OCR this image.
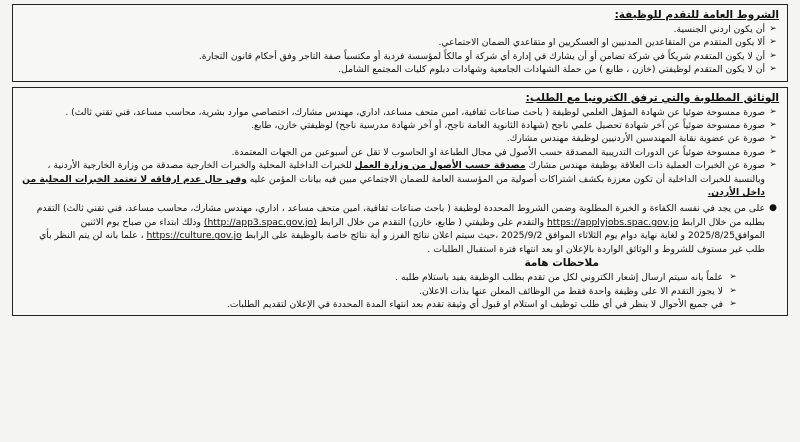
الشروط العامة للتقدم للوظيفة:
➢
أن يكون اردني الجنسية.
➢
ألا يكون المتقدم من المتقاعدين المدنيين او العسكريين او متقاعدي الضمان الاجتماعي.
➢
أن لا يكون المتقدم شريكاً في شركة تضامن أو أن يشارك في إدارة أي شركة أو مالكاً لمؤسسة فردية أو مكتسباً صفة التاجر وفق أحكام قانون التجارة.
➢
أن لا يكون المتقدم لوظيفتي (خازن ، طابع ) من حملة الشهادات الجامعية وشهادات دبلوم كليات المجتمع الشامل.
الوثائق المطلوبة والتي ترفق الكترونيا مع الطلب:
➢
صورة ممسوحة ضوئيا عن شهادة المؤهل العلمي لوظيفة ( باحث صناعات ثقافية، امين متحف مساعد، اداري، مهندس مشارك، اختصاصي موارد بشرية، محاسب مساعد، فني تقني ثالث) .
➢
صورة ممسوحة ضوئياً عن آخر شهادة تحصيل علمي ناجح (شهادة الثانوية العامة ناجح، أو آخر شهادة مدرسية ناجح) لوظيفتي خازن، طابع.
➢
صورة عن عضوية نقابة المهندسين الأردنيين لوظيفة مهندس مشارك.
➢
صورة ممسوحة ضوئياً عن الدورات التدريبية المصدقة حسب الأصول في مجال الطباعة او الحاسوب لا تقل عن أسبوعين من الجهات المعتمدة.
➢
صورة عن الخبرات العملية ذات العلاقة بوظيفة مهندس مشارك مصدقة حسب الأصول من وزارة العمل للخبرات الداخلية المحلية والخبرات الخارجية مصدقة من وزارة الخارجية الأردنية ، وبالنسبة للخبرات الداخلية أن تكون معززة بكشف اشتراكات أصولية من المؤسسة العامة للضمان الاجتماعي مبين فيه بيانات المؤمن عليه وفي حال عدم ارفاقه لا تعتمد الخبرات المحلية من داخل الأردن.
●
على من يجد في نفسه الكفاءة و الخبرة المطلوبة وضمن الشروط المحددة لوظيفة ( باحث صناعات ثقافية، امين متحف مساعد ، اداري، مهندس مشارك، محاسب مساعد، فني تقني ثالث) التقدم بطلبه من خلال الرابط https://applyjobs.spac.gov.jo والتقدم على وظيفتي ( طابع، خازن) التقدم من خلال الرابط (http://app3.spac.gov.jo) وذلك ابتداء من صباح يوم الاثنين الموافق2025/8/25 و لغاية نهاية دوام يوم الثلاثاء الموافق 2025/9/2 ،حيث سيتم اعلان نتائج الفرز و أية نتائج خاصة بالوظيفة على الرابط https://culture.gov.jo ، علما بانه لن يتم النظر بأي طلب غير مستوف للشروط و الوثائق الواردة بالإعلان او بعد انتهاء فترة استقبال الطلبات .
ملاحظات هامة
➢
علماً بانه سيتم ارسال إشعار الكتروني لكل من تقدم بطلب الوظيفة يفيد باستلام طلبه .
➢
لا يجوز التقدم الا على وظيفة واحدة فقط من الوظائف المعلن عنها بذات الاعلان.
➢
في جميع الأحوال لا ينظر في أي طلب توظيف او استلام او قبول أي وثيقة تقدم بعد انتهاء المدة المحددة في الإعلان لتقديم الطلبات.
